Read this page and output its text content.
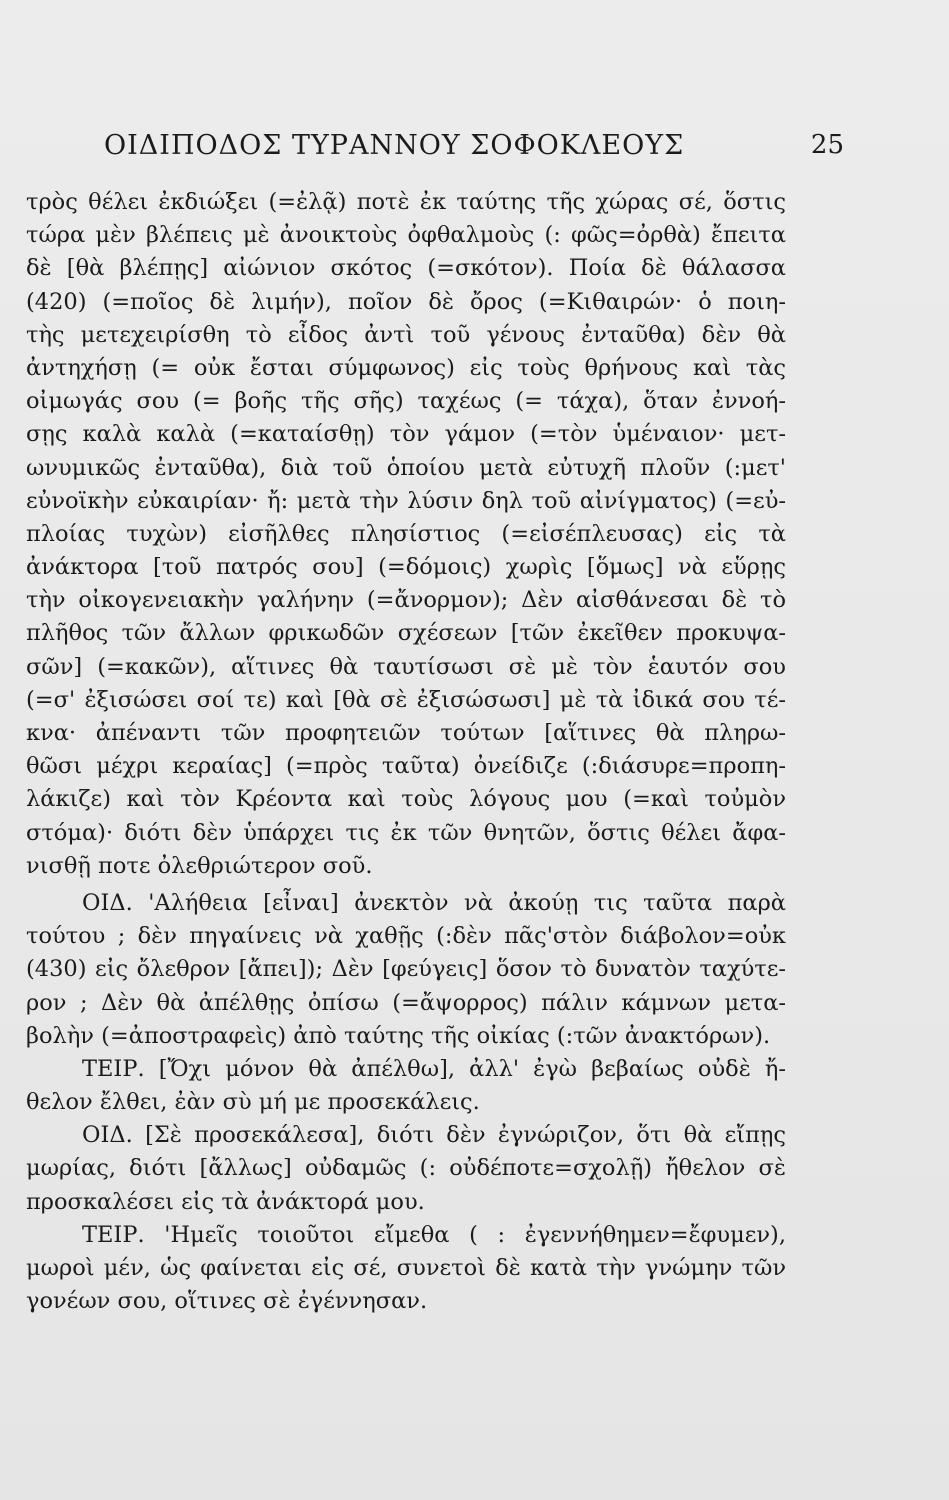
ΟΙΔΙΠΟΔΟΣ ΤΥΡΑΝΝΟΥ ΣΟΦΟΚΛΕΟΥΣ	25
τρὸς θέλει ἐκδιώξει (=ἐλᾷ) ποτὲ ἐκ ταύτης τῆς χώρας σέ, ὅστις
τώρα μὲν βλέπεις μὲ ἀνοικτοὺς ὀφθαλμοὺς (: φῶς=ὀρθὰ) ἔπειτα
δὲ [θὰ βλέπῃς] αἰώνιον σκότος (=σκότον). Ποία δὲ θάλασσα
(420) (=ποῖος δὲ λιμήν), ποῖον δὲ ὄρος (=Κιθαιρών· ὁ ποιη-
τὴς μετεχειρίσθη τὸ εἶδος ἀντὶ τοῦ γένους ἐνταῦθα) δὲν θὰ
ἀντηχήσῃ (= οὐκ ἔσται σύμφωνος) εἰς τοὺς θρήνους καὶ τὰς
οἰμωγάς σου (= βοῆς τῆς σῆς) ταχέως (= τάχα), ὅταν ἐννοή-
σῃς καλὰ καλὰ (=καταίσθῃ) τὸν γάμον (=τὸν ὑμέναιον· μετ-
ωνυμικῶς ἐνταῦθα), διὰ τοῦ ὁποίου μετὰ εὐτυχῆ πλοῦν (:μετ'
εὐνοϊκὴν εὐκαιρίαν· ἤ: μετὰ τὴν λύσιν δηλ τοῦ αἰνίγματος) (=εὐ-
πλοίας τυχὼν) εἰσῆλθες πλησίστιος (=εἰσέπλευσας) εἰς τὰ
ἀνάκτορα [τοῦ πατρός σου] (=δόμοις) χωρὶς [ὅμως] νὰ εὕρῃς
τὴν οἰκογενειακὴν γαλήνην (=ἄνορμον); Δὲν αἰσθάνεσαι δὲ τὸ
πλῆθος τῶν ἄλλων φρικωδῶν σχέσεων [τῶν ἐκεῖθεν προκυψα-
σῶν] (=κακῶν), αἵτινες θὰ ταυτίσωσι σὲ μὲ τὸν ἑαυτόν σου
(=σ' ἐξισώσει σοί τε) καὶ [θὰ σὲ ἐξισώσωσι] μὲ τὰ ἰδικά σου τέ-
κνα· ἀπέναντι τῶν προφητειῶν τούτων [αἵτινες θὰ πληρω-
θῶσι μέχρι κεραίας] (=πρὸς ταῦτα) ὀνείδιζε (:διάσυρε=προπη-
λάκιζε) καὶ τὸν Κρέοντα καὶ τοὺς λόγους μου (=καὶ τοὐμὸν
στόμα)· διότι δὲν ὑπάρχει τις ἐκ τῶν θνητῶν, ὅστις θέλει ἄφα-
νισθῇ ποτε ὀλεθριώτερον σοῦ.
ΟΙΔ. 'Αλήθεια [εἶναι] ἀνεκτὸν νὰ ἀκούῃ τις ταῦτα παρὰ
τούτου ; δὲν πηγαίνεις νὰ χαθῇς (:δὲν πᾶς'στὸν διάβολον=οὐκ
(430) εἰς ὄλεθρον [ἄπει]); Δὲν [φεύγεις] ὅσον τὸ δυνατὸν ταχύτε-
ρον ; Δὲν θὰ ἀπέλθῃς ὀπίσω (=ἄψορρος) πάλιν κάμνων μετα-
βολὴν (=ἀποστραφεὶς) ἀπὸ ταύτης τῆς οἰκίας (:τῶν ἀνακτόρων).
ΤΕΙΡ. [Ὄχι μόνον θὰ ἀπέλθω], ἀλλ' ἐγὼ βεβαίως οὐδὲ ἤ-
θελον ἔλθει, ἐὰν σὺ μή με προσεκάλεις.
ΟΙΔ. [Σὲ προσεκάλεσα], διότι δὲν ἐγνώριζον, ὅτι θὰ εἴπῃς
μωρίας, διότι [ἄλλως] οὐδαμῶς (: οὐδέποτε=σχολῇ) ἤθελον σὲ
προσκαλέσει εἰς τὰ ἀνάκτορά μου.
ΤΕΙΡ. 'Ημεῖς τοιοῦτοι εἴμεθα ( : ἐγεννήθημεν=ἔφυμεν),
μωροὶ μέν, ὡς φαίνεται εἰς σέ, συνετοὶ δὲ κατὰ τὴν γνώμην τῶν
γονέων σου, οἵτινες σὲ ἐγέννησαν.
